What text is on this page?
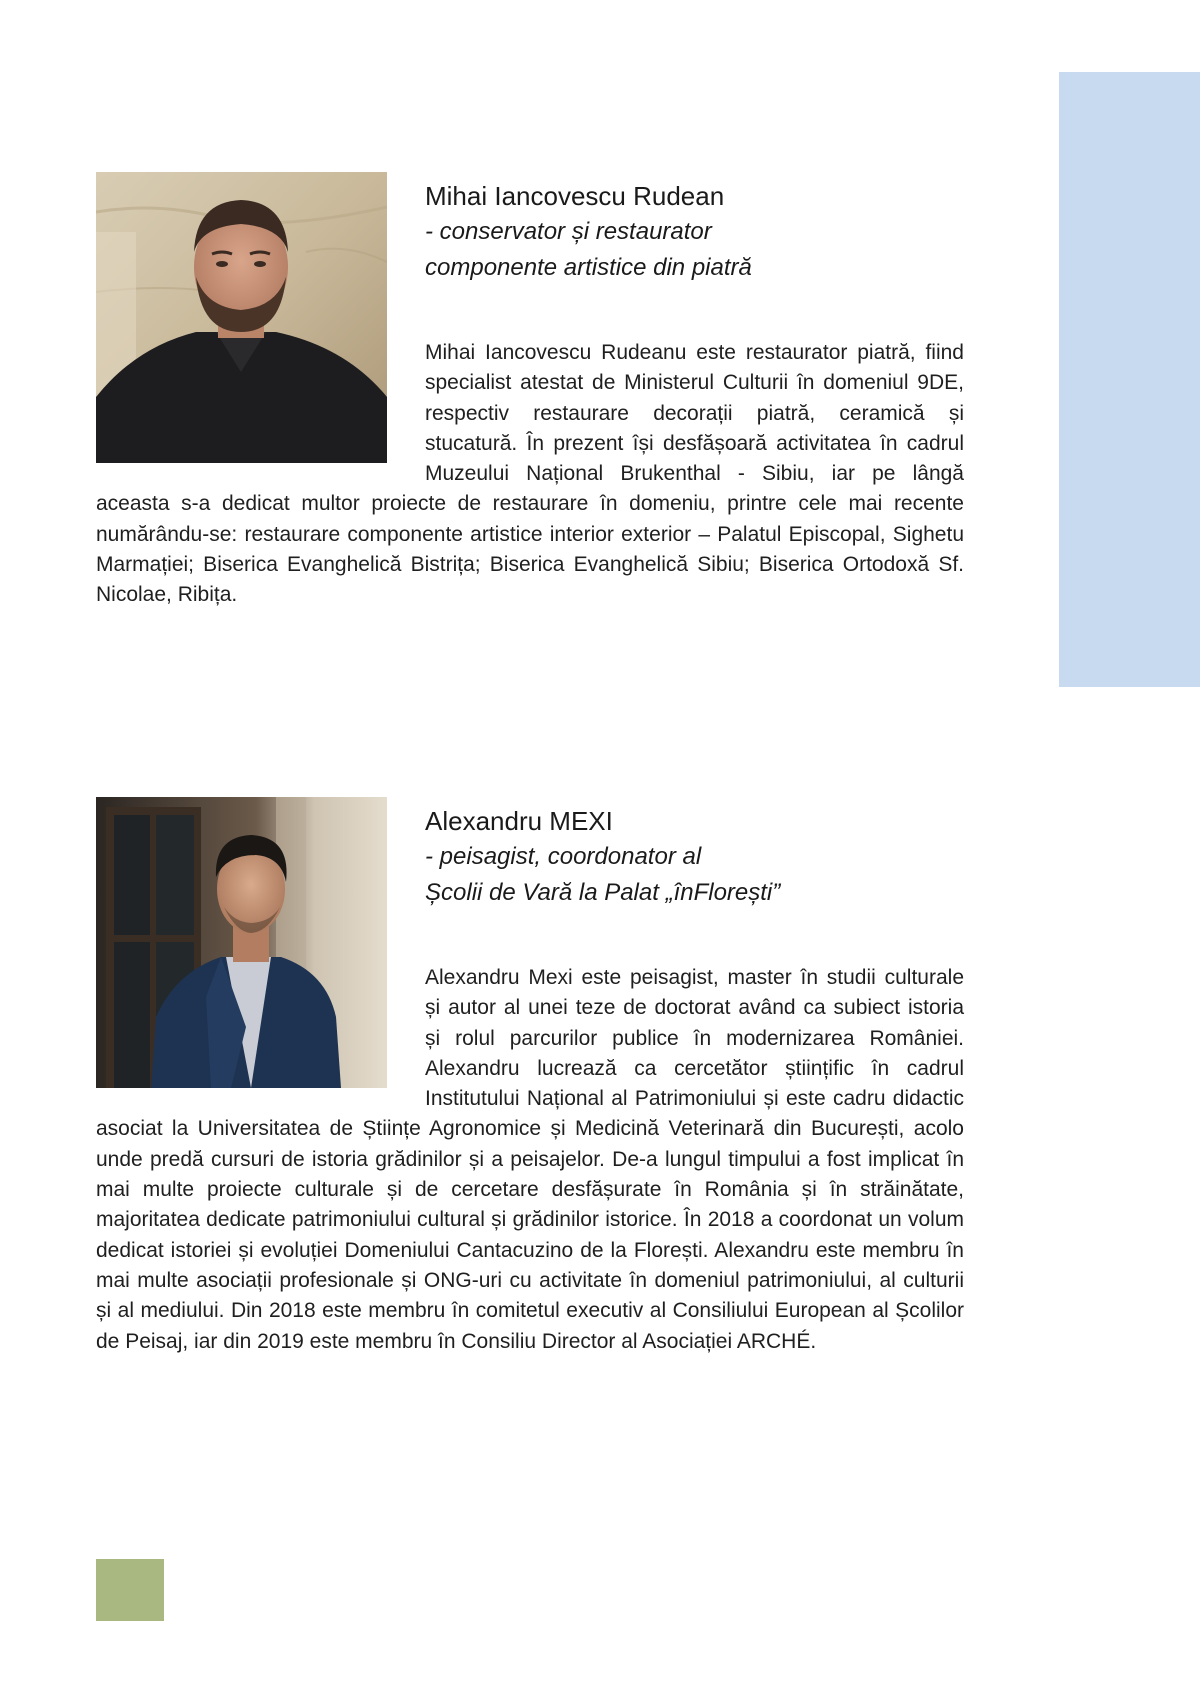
Mihai Iancovescu Rudean
- conservator și restaurator
componente artistice din piatră

Mihai Iancovescu Rudeanu este restaurator piatră, fiind specialist atestat de Ministerul Culturii în domeniul 9DE, respectiv restaurare decorații piatră, ceramică și stucatură. În prezent își desfășoară activitatea în cadrul Muzeului Național Brukenthal - Sibiu, iar pe lângă aceasta s-a dedicat multor proiecte de restaurare în domeniu, printre cele mai recente numărându-se: restaurare componente artistice interior exterior – Palatul Episcopal, Sighetu Marmației; Biserica Evanghelică Bistrița; Biserica Evanghelică Sibiu; Biserica Ortodoxă Sf. Nicolae, Ribița.

Alexandru MEXI
- peisagist, coordonator al
Școlii de Vară la Palat „înFlorești”

Alexandru Mexi este peisagist, master în studii culturale și autor al unei teze de doctorat având ca subiect istoria și rolul parcurilor publice în modernizarea României. Alexandru lucrează ca cercetător științific în cadrul Institutului Național al Patrimoniului și este cadru didactic asociat la Universitatea de Științe Agronomice și Medicină Veterinară din București, acolo unde predă cursuri de istoria grădinilor și a peisajelor. De-a lungul timpului a fost implicat în mai multe proiecte culturale și de cercetare desfășurate în România și în străinătate, majoritatea dedicate patrimoniului cultural și grădinilor istorice. În 2018 a coordonat un volum dedicat istoriei și evoluției Domeniului Cantacuzino de la Florești. Alexandru este membru în mai multe asociații profesionale și ONG-uri cu activitate în domeniul patrimoniului, al culturii și al mediului. Din 2018 este membru în comitetul executiv al Consiliului European al Școlilor de Peisaj, iar din 2019 este membru în Consiliu Director al Asociației ARCHÉ.
